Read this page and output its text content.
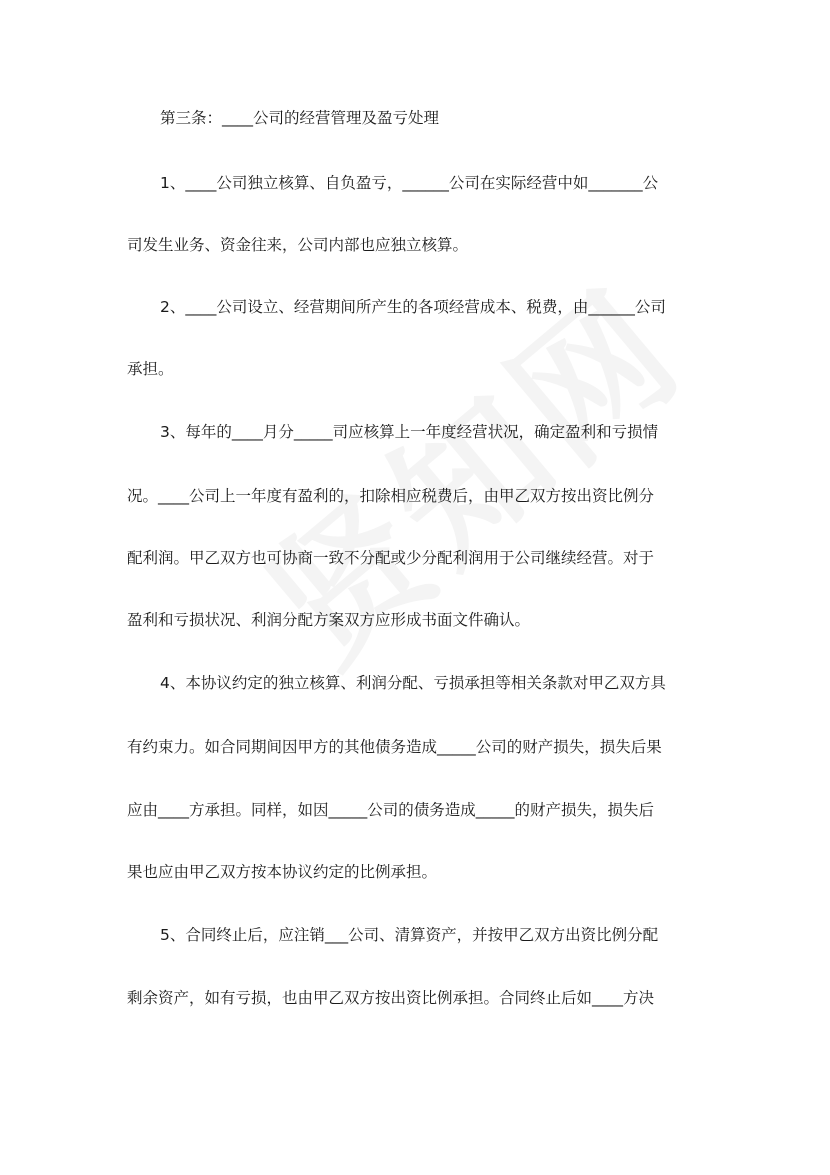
第三条：____公司的经营管理及盈亏处理
1、____公司独立核算、自负盈亏，______公司在实际经营中如_______公
司发生业务、资金往来，公司内部也应独立核算。
2、____公司设立、经营期间所产生的各项经营成本、税费，由______公司
承担。
3、每年的____月分_____司应核算上一年度经营状况，确定盈利和亏损情
况。____公司上一年度有盈利的，扣除相应税费后，由甲乙双方按出资比例分
配利润。甲乙双方也可协商一致不分配或少分配利润用于公司继续经营。对于
盈利和亏损状况、利润分配方案双方应形成书面文件确认。
4、本协议约定的独立核算、利润分配、亏损承担等相关条款对甲乙双方具
有约束力。如合同期间因甲方的其他债务造成_____公司的财产损失，损失后果
应由____方承担。同样，如因_____公司的债务造成_____的财产损失，损失后
果也应由甲乙双方按本协议约定的比例承担。
5、合同终止后，应注销___公司、清算资产，并按甲乙双方出资比例分配
剩余资产，如有亏损，也由甲乙双方按出资比例承担。合同终止后如____方决
